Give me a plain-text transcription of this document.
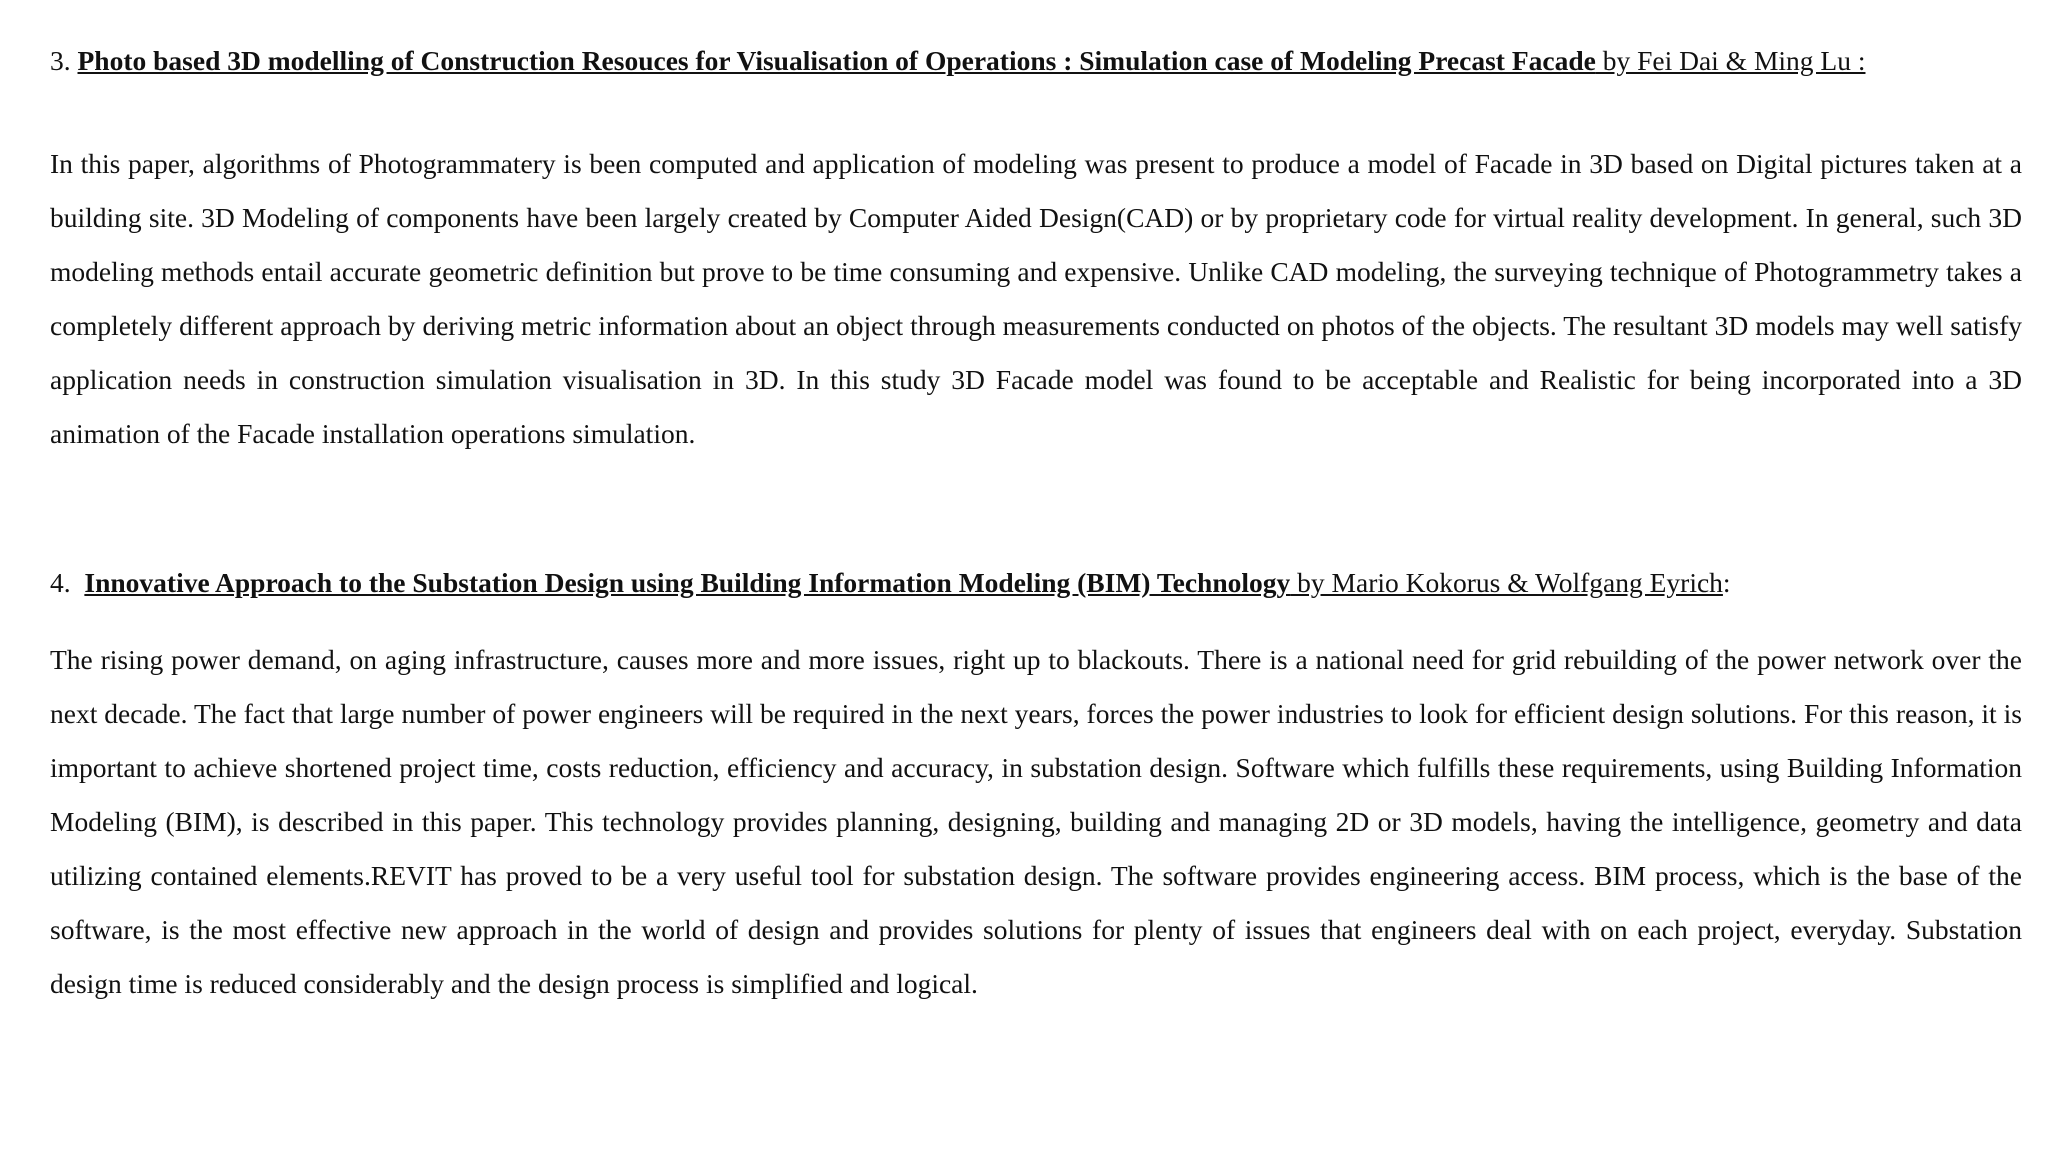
3. Photo based 3D modelling of Construction Resouces for Visualisation of Operations : Simulation case of Modeling Precast Facade by Fei Dai & Ming Lu :

In this paper, algorithms of Photogrammatery is been computed and application of modeling was present to produce a model of Facade in 3D based on Digital pictures taken at a building site. 3D Modeling of components have been largely created by Computer Aided Design(CAD) or by proprietary code for virtual reality development. In general, such 3D modeling methods entail accurate geometric definition but prove to be time consuming and expensive. Unlike CAD modeling, the surveying technique of Photogrammetry takes a completely different approach by deriving metric information about an object through measurements conducted on photos of the objects. The resultant 3D models may well satisfy application needs in construction simulation visualisation in 3D. In this study 3D Facade model was found to be acceptable and Realistic for being incorporated into a 3D animation of the Facade installation operations simulation.

4.  Innovative Approach to the Substation Design using Building Information Modeling (BIM) Technology by Mario Kokorus & Wolfgang Eyrich:

The rising power demand, on aging infrastructure, causes more and more issues, right up to blackouts. There is a national need for grid rebuilding of the power network over the next decade. The fact that large number of power engineers will be required in the next years, forces the power industries to look for efficient design solutions. For this reason, it is important to achieve shortened project time, costs reduction, efficiency and accuracy, in substation design. Software which fulfills these requirements, using Building Information Modeling (BIM), is described in this paper. This technology provides planning, designing, building and managing 2D or 3D models, having the intelligence, geometry and data utilizing contained elements.REVIT has proved to be a very useful tool for substation design. The software provides engineering access. BIM process, which is the base of the software, is the most effective new approach in the world of design and provides solutions for plenty of issues that engineers deal with on each project, everyday. Substation design time is reduced considerably and the design process is simplified and logical.
